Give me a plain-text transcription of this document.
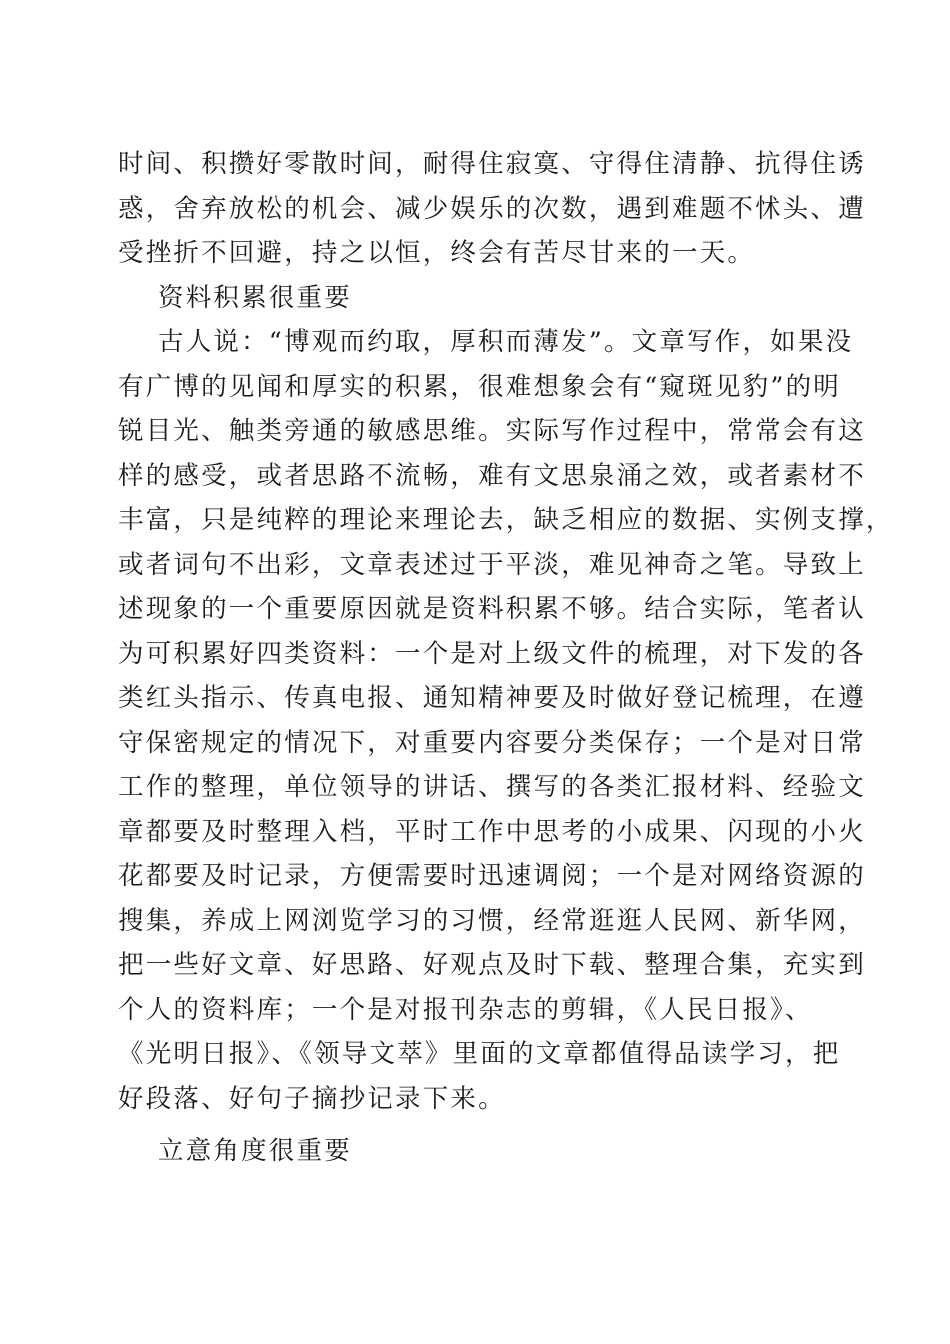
时间、积攒好零散时间，耐得住寂寞、守得住清静、抗得住诱
惑，舍弃放松的机会、减少娱乐的次数，遇到难题不怵头、遭
受挫折不回避，持之以恒，终会有苦尽甘来的一天。
资料积累很重要
古人说：“博观而约取，厚积而薄发”。文章写作，如果没
有广博的见闻和厚实的积累，很难想象会有“窥斑见豹”的明
锐目光、触类旁通的敏感思维。实际写作过程中，常常会有这
样的感受，或者思路不流畅，难有文思泉涌之效，或者素材不
丰富，只是纯粹的理论来理论去，缺乏相应的数据、实例支撑，
或者词句不出彩，文章表述过于平淡，难见神奇之笔。导致上
述现象的一个重要原因就是资料积累不够。结合实际，笔者认
为可积累好四类资料：一个是对上级文件的梳理，对下发的各
类红头指示、传真电报、通知精神要及时做好登记梳理，在遵
守保密规定的情况下，对重要内容要分类保存；一个是对日常
工作的整理，单位领导的讲话、撰写的各类汇报材料、经验文
章都要及时整理入档，平时工作中思考的小成果、闪现的小火
花都要及时记录，方便需要时迅速调阅；一个是对网络资源的
搜集，养成上网浏览学习的习惯，经常逛逛人民网、新华网，
把一些好文章、好思路、好观点及时下载、整理合集，充实到
个人的资料库；一个是对报刊杂志的剪辑，《人民日报》、
《光明日报》、《领导文萃》里面的文章都值得品读学习，把
好段落、好句子摘抄记录下来。
立意角度很重要
